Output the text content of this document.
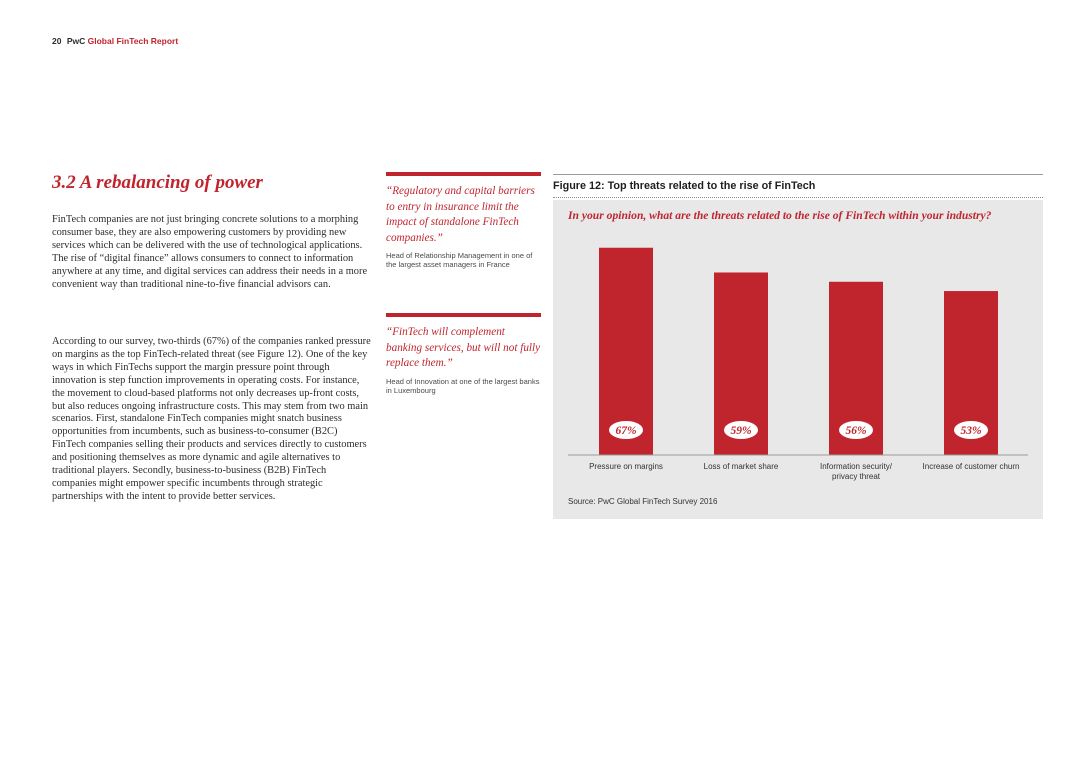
20 PwC Global FinTech Report
3.2 A rebalancing of power

FinTech companies are not just bringing concrete solutions to a morphing consumer base, they are also empowering customers by providing new services which can be delivered with the use of technological applications. The rise of “digital finance” allows consumers to connect to information anywhere at any time, and digital services can address their needs in a more convenient way than traditional nine-to-five financial advisors can.

According to our survey, two-thirds (67%) of the companies ranked pressure on margins as the top FinTech-related threat (see Figure 12). One of the key ways in which FinTechs support the margin pressure point through innovation is step function improvements in operating costs. For instance, the movement to cloud-based platforms not only decreases up-front costs, but also reduces ongoing infrastructure costs. This may stem from two main scenarios. First, standalone FinTech companies might snatch business opportunities from incumbents, such as business-to-consumer (B2C) FinTech companies selling their products and services directly to customers and positioning themselves as more dynamic and agile alternatives to traditional players. Secondly, business-to-business (B2B) FinTech companies might empower specific incumbents through strategic partnerships with the intent to provide better services.

“Regulatory and capital barriers to entry in insurance limit the impact of standalone FinTech companies.”
Head of Relationship Management in one of the largest asset managers in France
“FinTech will complement banking services, but will not fully replace them.”
Head of Innovation at one of the largest banks in Luxembourg
Figure 12: Top threats related to the rise of FinTech
In your opinion, what are the threats related to the rise of FinTech within your industry?
67%
Pressure on margins
59%
Loss of market share
56%
Information security/ privacy threat
53%
Increase of customer churn
Source: PwC Global FinTech Survey 2016
